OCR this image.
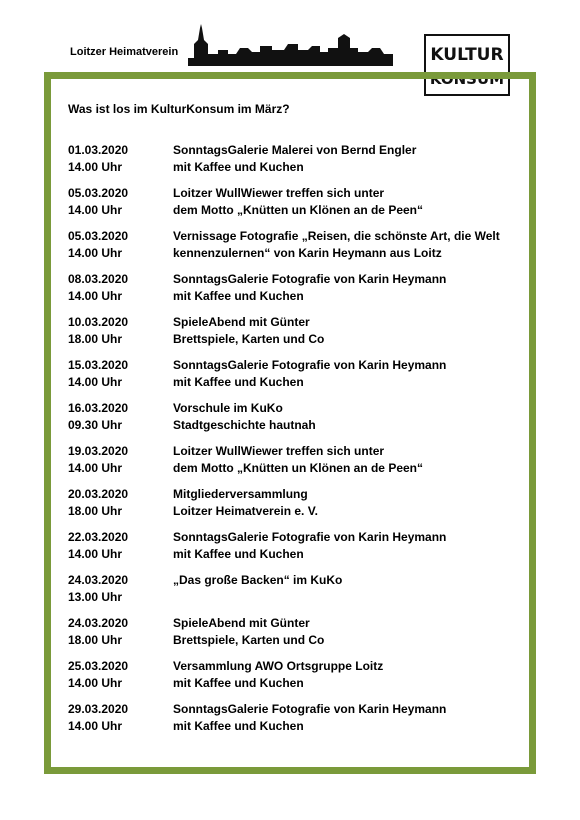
Loitzer Heimatverein	KULTUR
KONSUM
Was ist los im KulturKonsum im März?
01.03.2020
14.00 Uhr
SonntagsGalerie Malerei von Bernd Engler
mit Kaffee und Kuchen
05.03.2020
14.00 Uhr
Loitzer WullWiewer treffen sich unter
dem Motto „Knütten un Klönen an de Peen“
05.03.2020
14.00 Uhr
Vernissage Fotografie „Reisen, die schönste Art, die Welt
kennenzulernen“ von Karin Heymann aus Loitz
08.03.2020
14.00 Uhr
SonntagsGalerie Fotografie von Karin Heymann
mit Kaffee und Kuchen
10.03.2020
18.00 Uhr
SpieleAbend mit Günter
Brettspiele, Karten und Co
15.03.2020
14.00 Uhr
SonntagsGalerie Fotografie von Karin Heymann
mit Kaffee und Kuchen
16.03.2020
09.30 Uhr
Vorschule im KuKo
Stadtgeschichte hautnah
19.03.2020
14.00 Uhr
Loitzer WullWiewer treffen sich unter
dem Motto „Knütten un Klönen an de Peen“
20.03.2020
18.00 Uhr
Mitgliederversammlung
Loitzer Heimatverein e. V.
22.03.2020
14.00 Uhr
SonntagsGalerie Fotografie von Karin Heymann
mit Kaffee und Kuchen
24.03.2020
13.00 Uhr
„Das große Backen“ im KuKo
24.03.2020
18.00 Uhr
SpieleAbend mit Günter
Brettspiele, Karten und Co
25.03.2020
14.00 Uhr
Versammlung AWO Ortsgruppe Loitz
mit Kaffee und Kuchen
29.03.2020
14.00 Uhr
SonntagsGalerie Fotografie von Karin Heymann
mit Kaffee und Kuchen
